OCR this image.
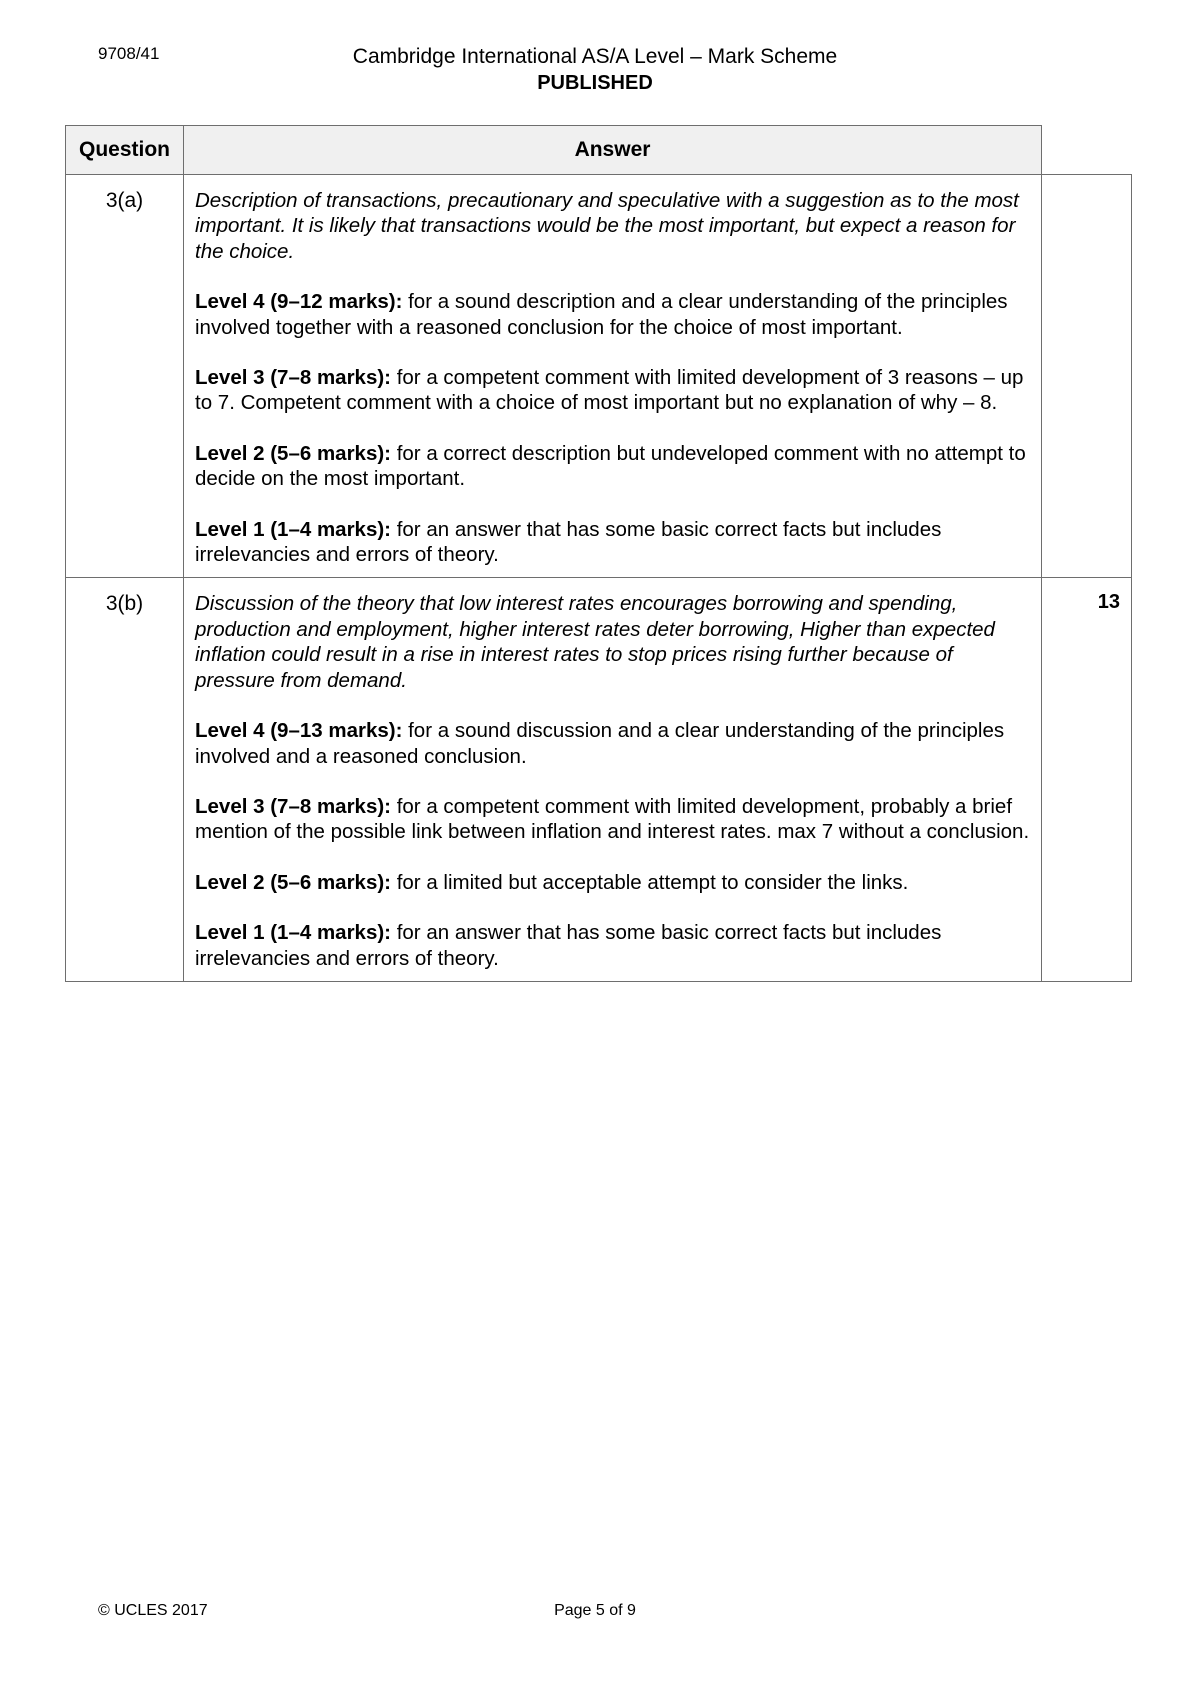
9708/41	Cambridge International AS/A Level – Mark Scheme
PUBLISHED
Question	Answer	
3(a)	Description of transactions, precautionary and speculative with a suggestion as to the most important. It is likely that transactions would be the most important, but expect a reason for the choice.

Level 4 (9–12 marks): for a sound description and a clear understanding of the principles involved together with a reasoned conclusion for the choice of most important.

Level 3 (7–8 marks): for a competent comment with limited development of 3 reasons – up to 7. Competent comment with a choice of most important but no explanation of why – 8.

Level 2 (5–6 marks): for a correct description but undeveloped comment with no attempt to decide on the most important.

Level 1 (1–4 marks): for an answer that has some basic correct facts but includes irrelevancies and errors of theory.	

3(b)	Discussion of the theory that low interest rates encourages borrowing and spending, production and employment, higher interest rates deter borrowing, Higher than expected inflation could result in a rise in interest rates to stop prices rising further because of pressure from demand.

Level 4 (9–13 marks): for a sound discussion and a clear understanding of the principles involved and a reasoned conclusion.

Level 3 (7–8 marks): for a competent comment with limited development, probably a brief mention of the possible link between inflation and interest rates. max 7 without a conclusion.

Level 2 (5–6 marks): for a limited but acceptable attempt to consider the links.

Level 1 (1–4 marks): for an answer that has some basic correct facts but includes irrelevancies and errors of theory.	13
© UCLES 2017	Page 5 of 9
